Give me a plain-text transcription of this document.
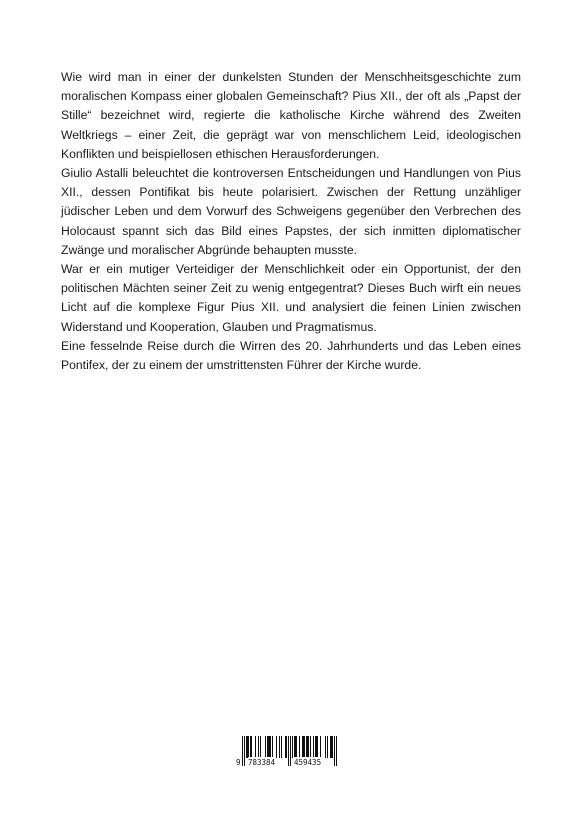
Wie wird man in einer der dunkelsten Stunden der Menschheitsgeschichte zum moralischen Kompass einer globalen Gemeinschaft? Pius XII., der oft als „Papst der Stille“ bezeichnet wird, regierte die katholische Kirche während des Zweiten Weltkriegs – einer Zeit, die geprägt war von menschlichem Leid, ideologischen Konflikten und beispiellosen ethischen Herausforderungen.

Giulio Astalli beleuchtet die kontroversen Entscheidungen und Handlungen von Pius XII., dessen Pontifikat bis heute polarisiert. Zwischen der Rettung unzähliger jüdischer Leben und dem Vorwurf des Schweigens gegenüber den Verbrechen des Holocaust spannt sich das Bild eines Papstes, der sich inmitten diplomatischer Zwänge und moralischer Abgründe behaupten musste.

War er ein mutiger Verteidiger der Menschlichkeit oder ein Opportunist, der den politischen Mächten seiner Zeit zu wenig entgegentrat? Dieses Buch wirft ein neues Licht auf die komplexe Figur Pius XII. und analysiert die feinen Linien zwischen Widerstand und Kooperation, Glauben und Pragmatismus.

Eine fesselnde Reise durch die Wirren des 20. Jahrhunderts und das Leben eines Pontifex, der zu einem der umstrittensten Führer der Kirche wurde.

9 783384	459435
